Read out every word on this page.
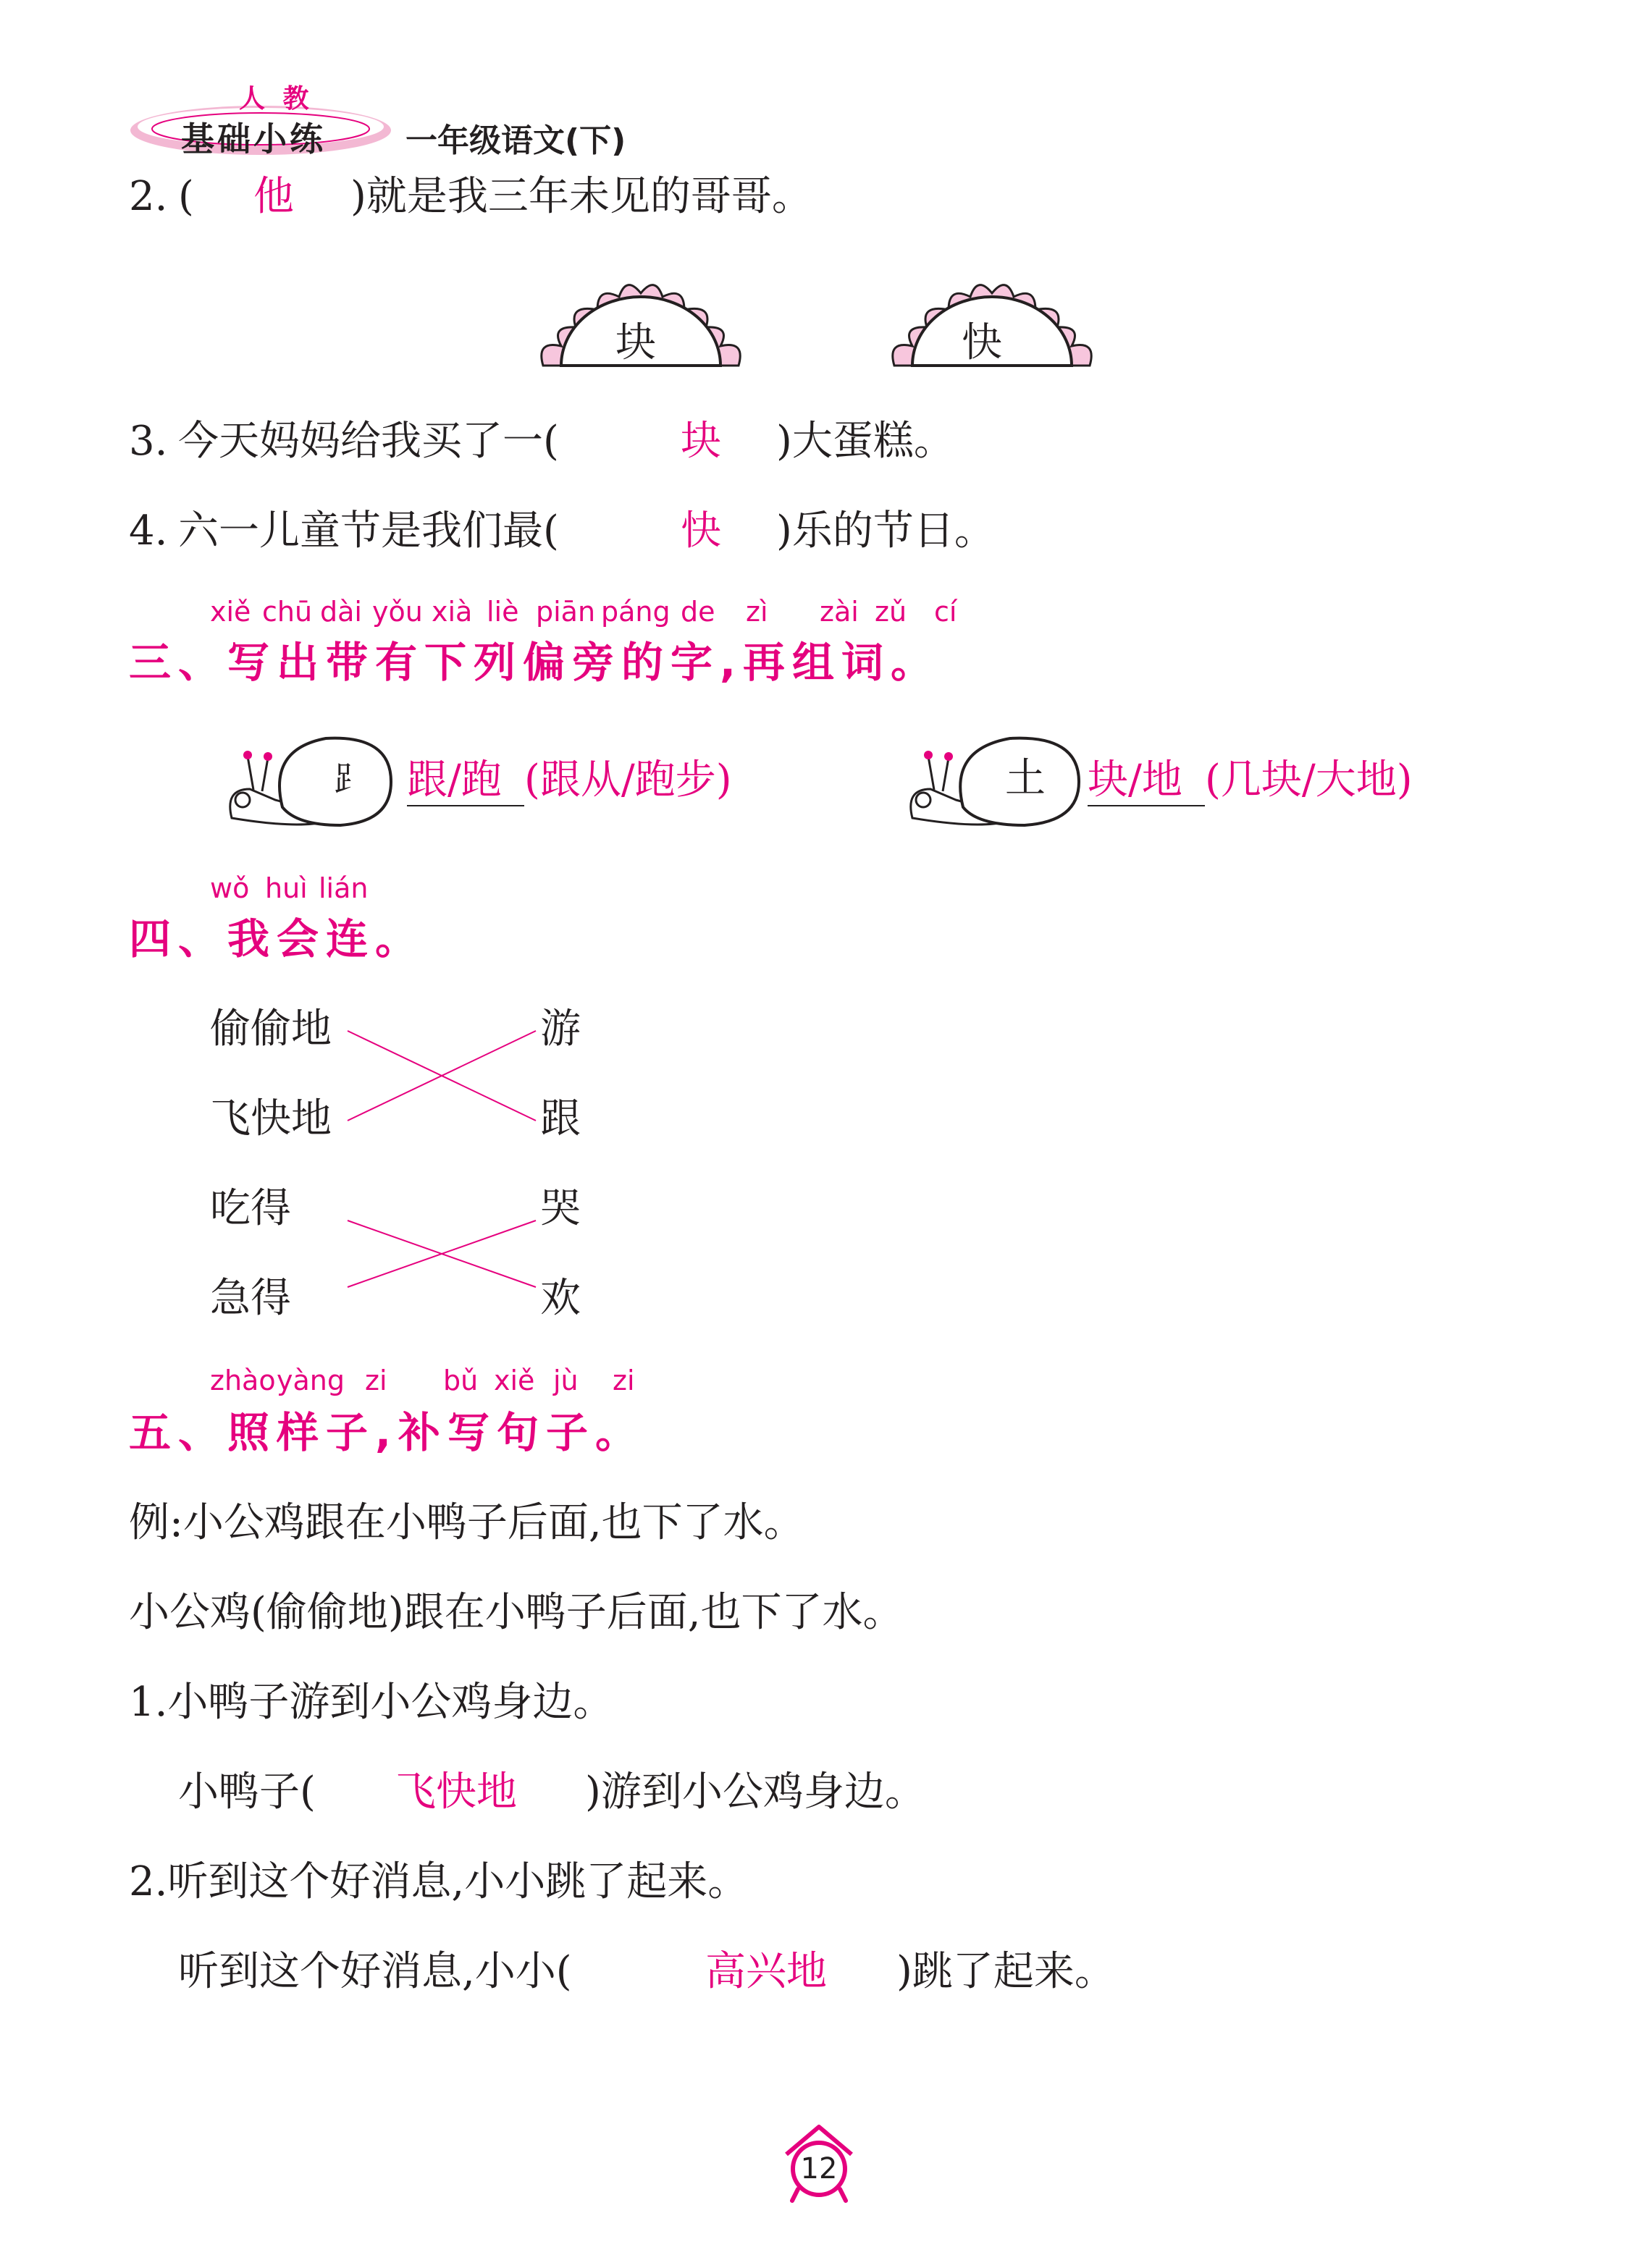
人 教
基础小练	一年级语文(下)
2. ( 他 )就是我三年未见的哥哥。
块	快
3. 今天妈妈给我买了一(	块 )大蛋糕。
4. 六一儿童节是我们最(	快 )乐的节日。
xiě chū dài yǒu xià liè piān páng de zì zài zǔ cí
三、写出带有下列偏旁的字,再组词。
⻊ 跟/跑 (跟从/跑步)	土 块/地 (几块/大地)
wǒ huì lián
四、我会连。
偷偷地
飞快地
吃得
急得
游
跟
哭
欢
zhào yàng zi bǔ xiě jù zi
五、照样子,补写句子。
例:小公鸡跟在小鸭子后面,也下了水。
小公鸡(偷偷地)跟在小鸭子后面,也下了水。
1.小鸭子游到小公鸡身边。
小鸭子( 飞快地 )游到小公鸡身边。
2.听到这个好消息,小小跳了起来。
听到这个好消息,小小(	高兴地 )跳了起来。
12
